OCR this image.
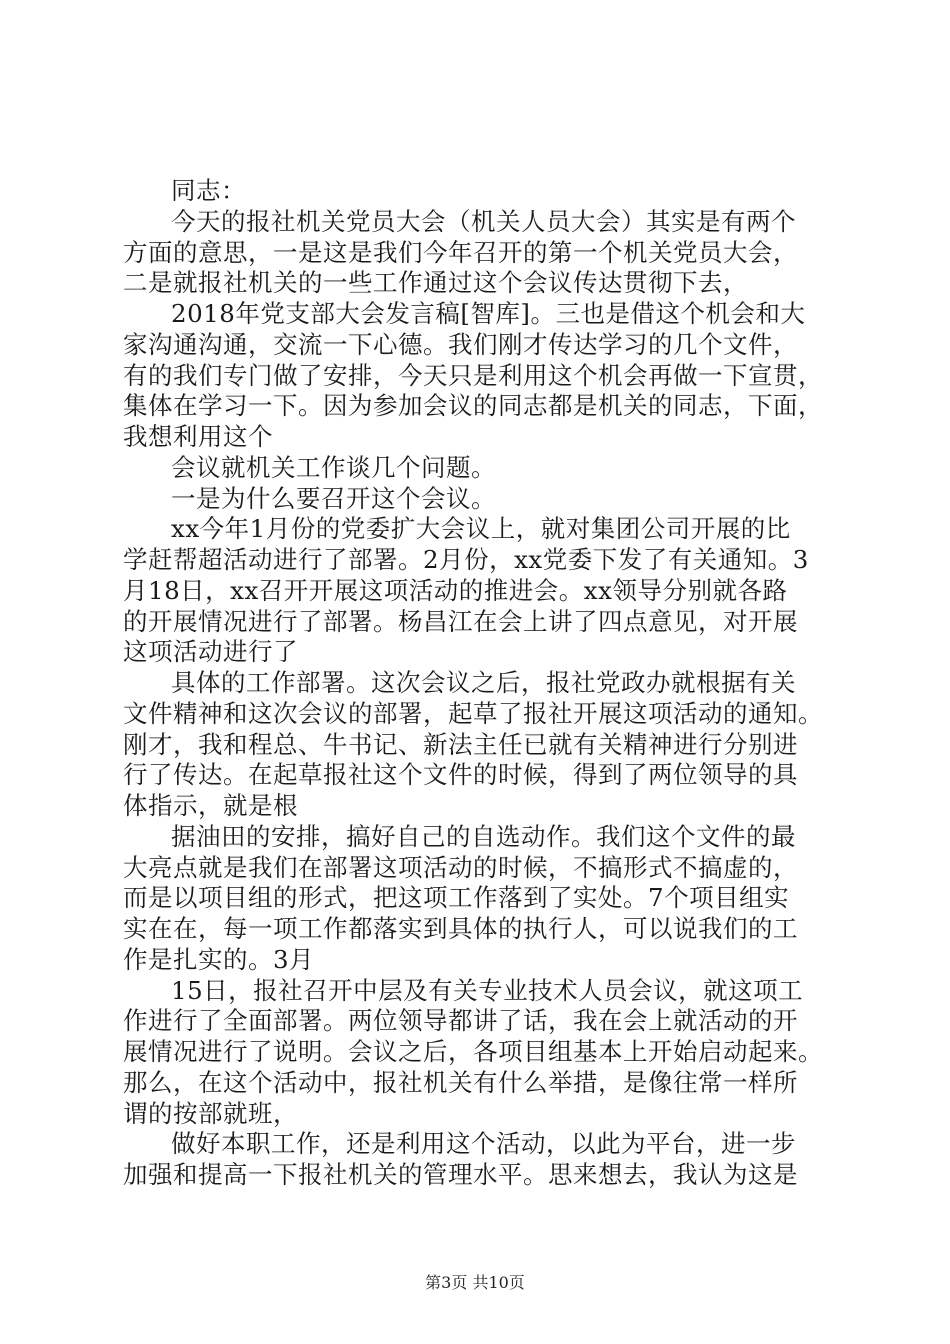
同志：
今天的报社机关党员大会（机关人员大会）其实是有两个
方面的意思，一是这是我们今年召开的第一个机关党员大会，
二是就报社机关的一些工作通过这个会议传达贯彻下去，
2018年党支部大会发言稿[智库]。三也是借这个机会和大
家沟通沟通，交流一下心德。我们刚才传达学习的几个文件，
有的我们专门做了安排，今天只是利用这个机会再做一下宣贯，
集体在学习一下。因为参加会议的同志都是机关的同志，下面，
我想利用这个
会议就机关工作谈几个问题。
一是为什么要召开这个会议。
xx今年1月份的党委扩大会议上，就对集团公司开展的比
学赶帮超活动进行了部署。2月份，xx党委下发了有关通知。3
月18日，xx召开开展这项活动的推进会。xx领导分别就各路
的开展情况进行了部署。杨昌江在会上讲了四点意见，对开展
这项活动进行了
具体的工作部署。这次会议之后，报社党政办就根据有关
文件精神和这次会议的部署，起草了报社开展这项活动的通知。
刚才，我和程总、牛书记、新法主任已就有关精神进行分别进
行了传达。在起草报社这个文件的时候，得到了两位领导的具
体指示，就是根
据油田的安排，搞好自己的自选动作。我们这个文件的最
大亮点就是我们在部署这项活动的时候，不搞形式不搞虚的，
而是以项目组的形式，把这项工作落到了实处。7个项目组实
实在在，每一项工作都落实到具体的执行人，可以说我们的工
作是扎实的。3月
15日，报社召开中层及有关专业技术人员会议，就这项工
作进行了全面部署。两位领导都讲了话，我在会上就活动的开
展情况进行了说明。会议之后，各项目组基本上开始启动起来。
那么，在这个活动中，报社机关有什么举措，是像往常一样所
谓的按部就班，
做好本职工作，还是利用这个活动，以此为平台，进一步
加强和提高一下报社机关的管理水平。思来想去，我认为这是
第3页 共10页
